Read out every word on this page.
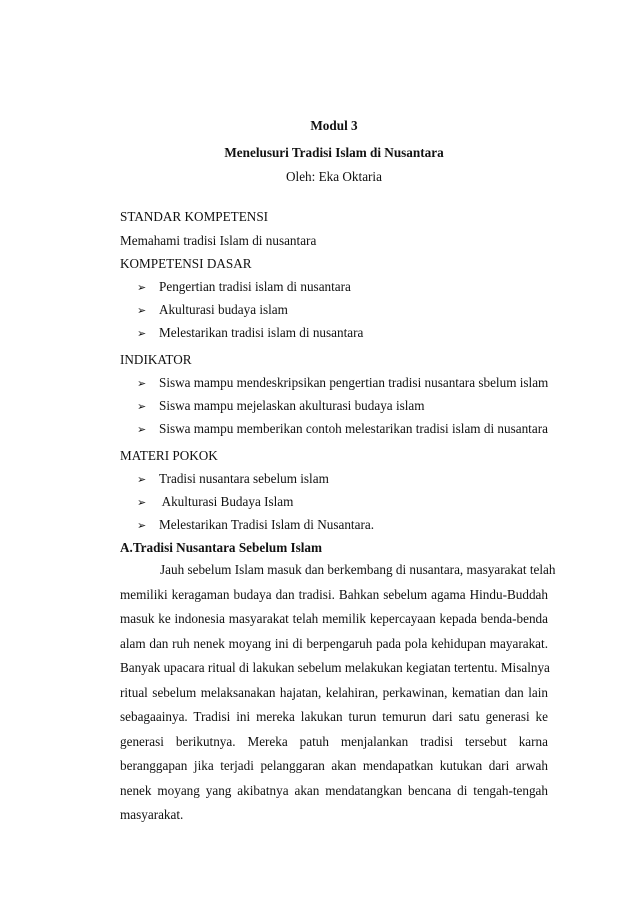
Modul 3
Menelusuri Tradisi Islam di Nusantara
Oleh: Eka Oktaria
STANDAR KOMPETENSI
Memahami tradisi Islam di nusantara
KOMPETENSI DASAR
➢ Pengertian tradisi islam di nusantara
➢ Akulturasi budaya islam
➢ Melestarikan tradisi islam di nusantara
INDIKATOR
➢ Siswa mampu mendeskripsikan pengertian tradisi nusantara sbelum islam
➢ Siswa mampu mejelaskan akulturasi budaya islam
➢ Siswa mampu memberikan contoh melestarikan tradisi islam di nusantara
MATERI POKOK
➢ Tradisi nusantara sebelum islam
➢ Akulturasi Budaya Islam
➢ Melestarikan Tradisi Islam di Nusantara.
A.Tradisi Nusantara Sebelum Islam
Jauh sebelum Islam masuk dan berkembang di nusantara, masyarakat telah
memiliki keragaman budaya dan tradisi. Bahkan sebelum agama Hindu-Buddah
masuk ke indonesia masyarakat telah memilik kepercayaan kepada benda-benda
alam dan ruh nenek moyang ini di berpengaruh pada pola kehidupan mayarakat.
Banyak upacara ritual di lakukan sebelum melakukan kegiatan tertentu. Misalnya
ritual sebelum melaksanakan hajatan, kelahiran, perkawinan, kematian dan lain
sebagaainya. Tradisi ini mereka lakukan turun temurun dari satu generasi ke
generasi berikutnya. Mereka patuh menjalankan tradisi tersebut karna
beranggapan jika terjadi pelanggaran akan mendapatkan kutukan dari arwah
nenek moyang yang akibatnya akan mendatangkan bencana di tengah-tengah
masyarakat.
